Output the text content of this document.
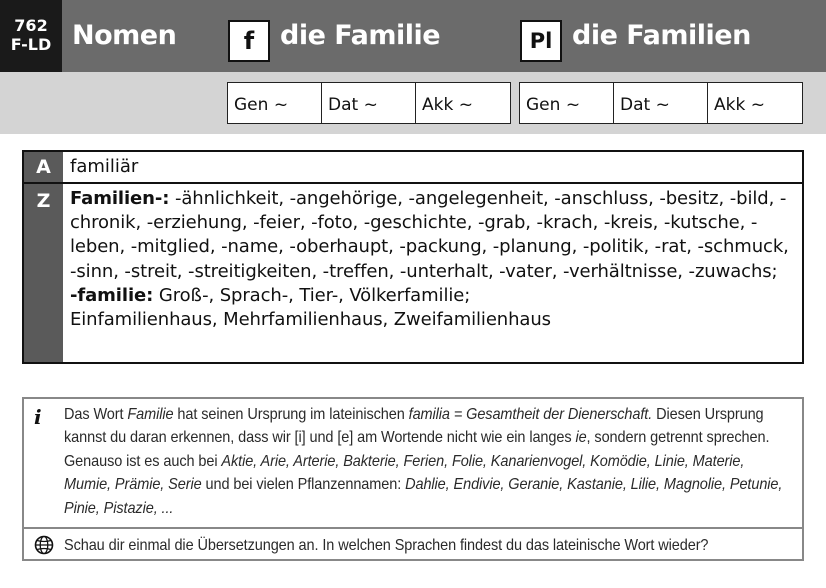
762
F-LD Nomen	f die Familie	Pl die Familien
Gen ~	Dat ~	Akk ~	Gen ~	Dat ~	Akk ~
A	familiär
Z	Familien-: -ähnlichkeit, -angehörige, -angelegenheit, -anschluss, -besitz, -bild, -chronik, -erziehung, -feier, -foto, -geschichte, -grab, -krach, -kreis, -kutsche, -leben, -mitglied, -name, -oberhaupt, -packung, -planung, -politik, -rat, -schmuck, -sinn, -streit, -streitigkeiten, -treffen, -unterhalt, -vater, -verhältnisse, -zuwachs;
-familie: Groß-, Sprach-, Tier-, Völkerfamilie;
Einfamilienhaus, Mehrfamilienhaus, Zweifamilienhaus
i Das Wort Familie hat seinen Ursprung im lateinischen familia = Gesamtheit der Dienerschaft. Diesen Ursprung kannst du daran erkennen, dass wir [i] und [e] am Wortende nicht wie ein langes ie, sondern getrennt sprechen. Genauso ist es auch bei Aktie, Arie, Arterie, Bakterie, Ferien, Folie, Kanarienvogel, Komödie, Linie, Materie, Mumie, Prämie, Serie und bei vielen Pflanzennamen: Dahlie, Endivie, Geranie, Kastanie, Lilie, Magnolie, Petunie, Pinie, Pistazie, ...
Schau dir einmal die Übersetzungen an. In welchen Sprachen findest du das lateinische Wort wieder?
